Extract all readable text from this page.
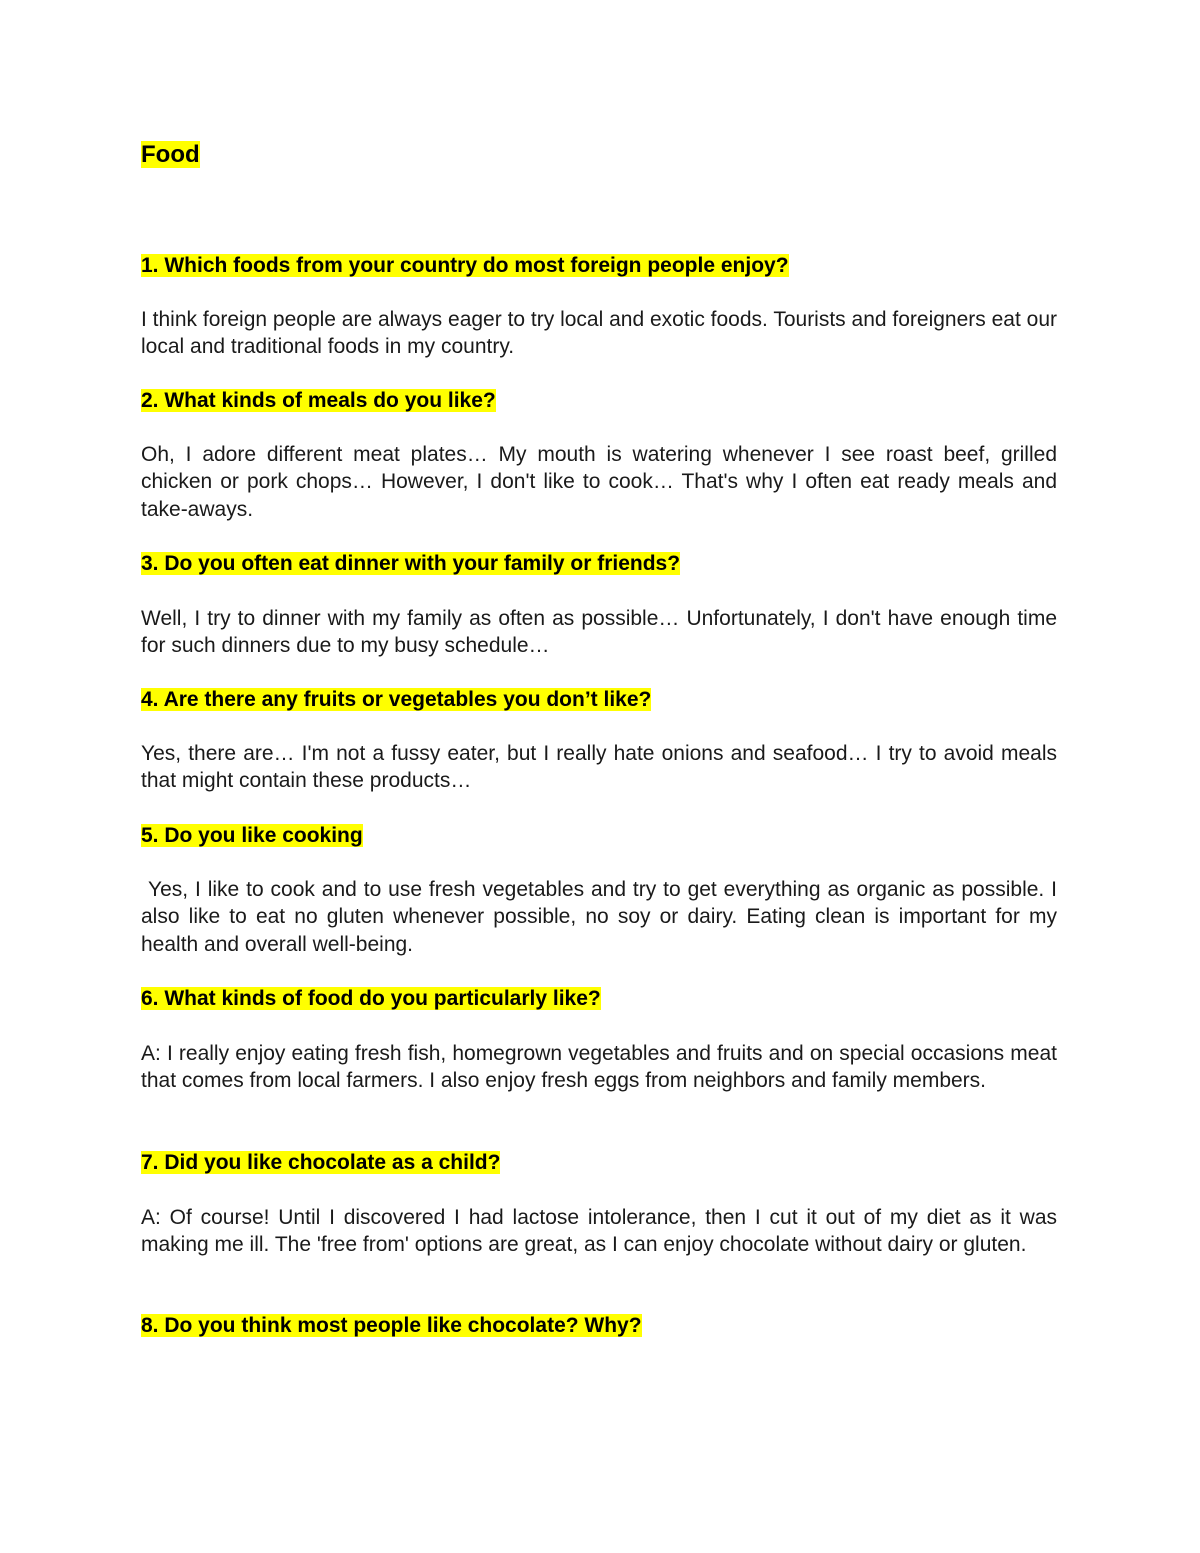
Food

1. Which foods from your country do most foreign people enjoy?

I think foreign people are always eager to try local and exotic foods. Tourists and foreigners eat our local and traditional foods in my country.

2. What kinds of meals do you like?

Oh, I adore different meat plates… My mouth is watering whenever I see roast beef, grilled chicken or pork chops… However, I don't like to cook… That's why I often eat ready meals and take-aways.

3. Do you often eat dinner with your family or friends?

Well, I try to dinner with my family as often as possible… Unfortunately, I don't have enough time for such dinners due to my busy schedule…

4. Are there any fruits or vegetables you don’t like?

Yes, there are… I'm not a fussy eater, but I really hate onions and seafood… I try to avoid meals that might contain these products…

5. Do you like cooking

Yes, I like to cook and to use fresh vegetables and try to get everything as organic as possible. I also like to eat no gluten whenever possible, no soy or dairy. Eating clean is important for my health and overall well-being.

6. What kinds of food do you particularly like?

A: I really enjoy eating fresh fish, homegrown vegetables and fruits and on special occasions meat that comes from local farmers. I also enjoy fresh eggs from neighbors and family members.

7. Did you like chocolate as a child?

A: Of course! Until I discovered I had lactose intolerance, then I cut it out of my diet as it was making me ill. The 'free from' options are great, as I can enjoy chocolate without dairy or gluten.

8. Do you think most people like chocolate? Why?
